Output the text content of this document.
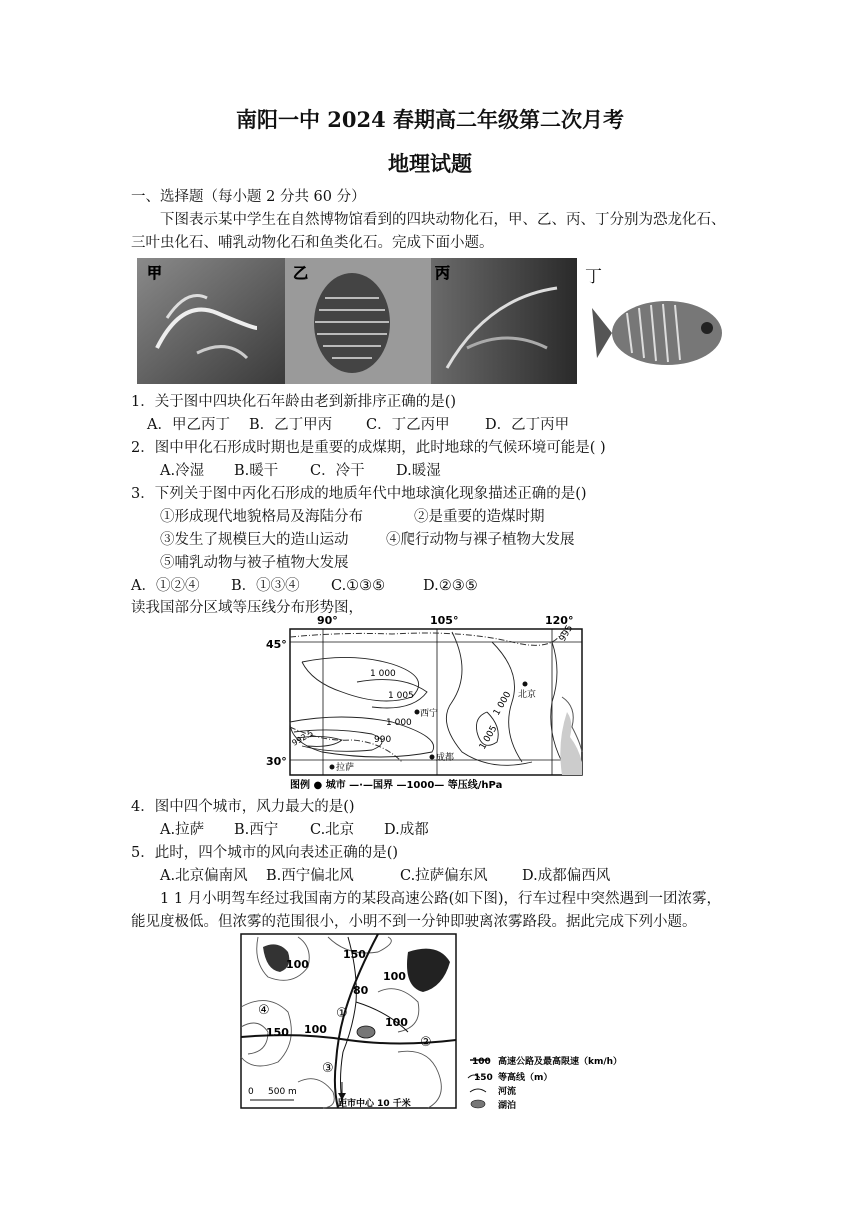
南阳一中 2024 春期高二年级第二次月考
地理试题
一、选择题（每小题 2 分共 60 分）
下图表示某中学生在自然博物馆看到的四块动物化石，甲、乙、丙、丁分别为恐龙化石、
三叶虫化石、哺乳动物化石和鱼类化石。完成下面小题。
甲	乙	丙	丁
1．关于图中四块化石年龄由老到新排序正确的是()
A．甲乙丙丁 B．乙丁甲丙 C．丁乙丙甲 D．乙丁丙甲
2．图中甲化石形成时期也是重要的成煤期，此时地球的气候环境可能是( )
A.冷湿 B.暖干 C．冷干 D.暖湿
3．下列关于图中丙化石形成的地质年代中地球演化现象描述正确的是()
①形成现代地貌格局及海陆分布	②是重要的造煤时期
③发生了规模巨大的造山运动	④爬行动物与裸子植物大发展
⑤哺乳动物与被子植物大发展
A．①②④ B．①③④ C.①③⑤	D.②③⑤
读我国部分区域等压线分布形势图，
90°	105°	120°
45°
30°
1 000
1 005
1 000
990
1 000
1 005
995
992.5
北京
西宁
成都
拉萨
图例 ● 城市 —·—国界 —1000— 等压线/hPa
4．图中四个城市，风力最大的是()
A.拉萨 B.西宁 C.北京 D.成都
5．此时，四个城市的风向表述正确的是()
A.北京偏南风 B.西宁偏北风	C.拉萨偏东风 D.成都偏西风
1 1 月小明驾车经过我国南方的某段高速公路(如下图)，行车过程中突然遇到一团浓雾，
能见度极低。但浓雾的范围很小，小明不到一分钟即驶离浓雾路段。据此完成下列小题。
100
150
100
80
150 100
100
①
②
③
④
0 500 m
距市中心 10 千米
100 高速公路及最高限速（km/h）
150 等高线（m）
河流
湖泊
